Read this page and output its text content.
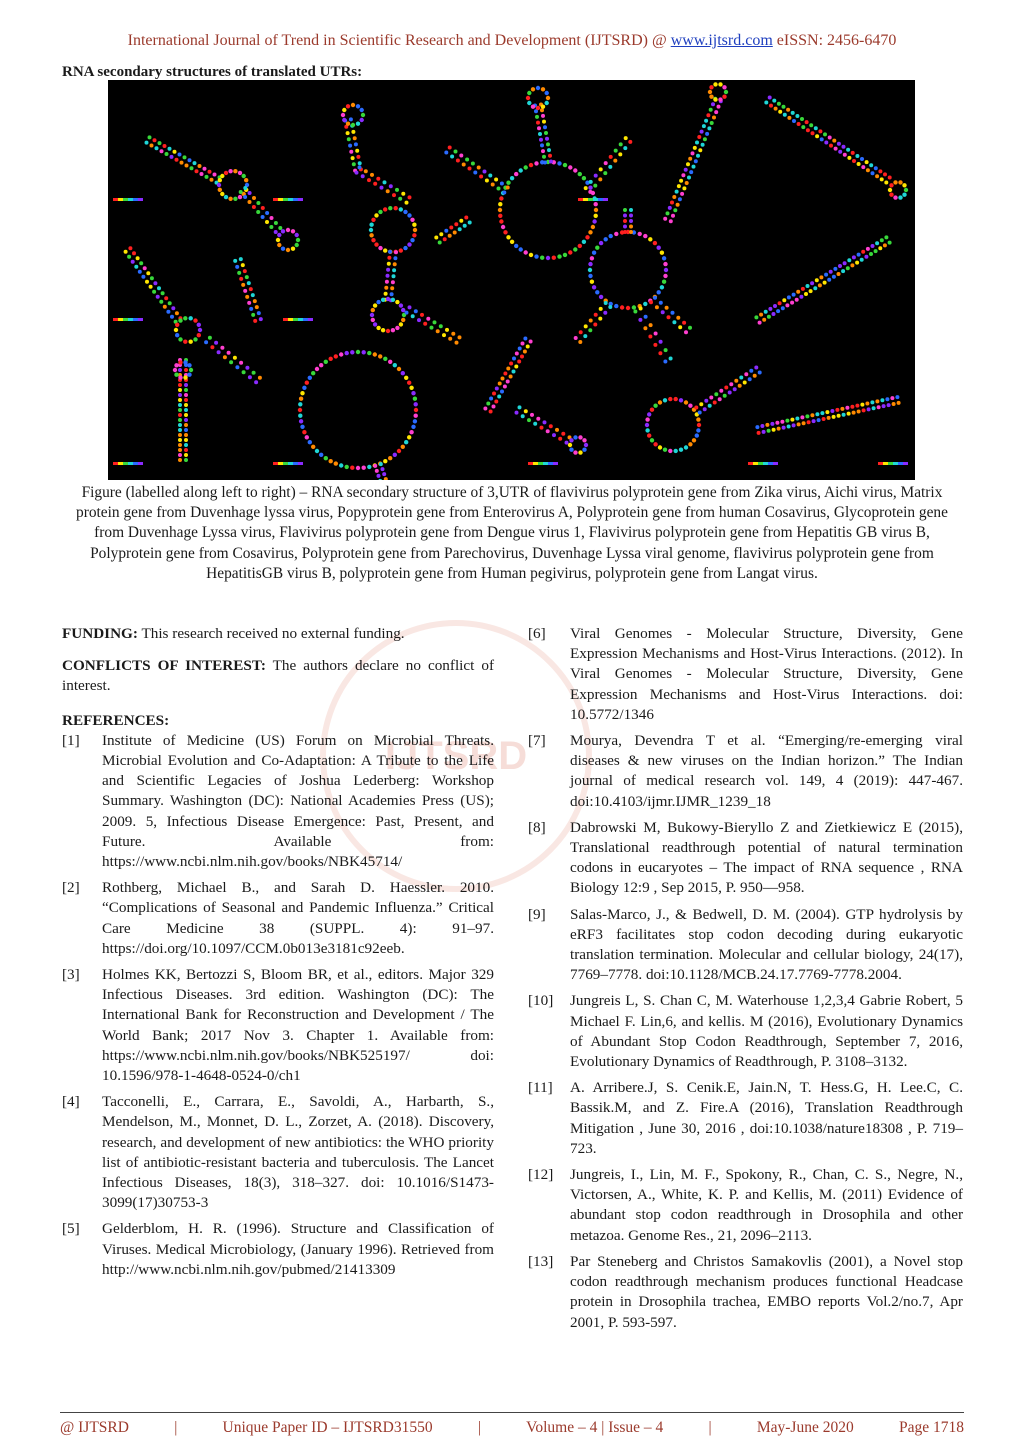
International Journal of Trend in Scientific Research and Development (IJTSRD) @ www.ijtsrd.com eISSN: 2456-6470
RNA secondary structures of translated UTRs:
Figure (labelled along left to right) – RNA secondary structure of 3,UTR of flavivirus polyprotein gene from Zika virus, Aichi virus, Matrix protein gene from Duvenhage lyssa virus, Popyprotein gene from Enterovirus A, Polyprotein gene from human Cosavirus, Glycoprotein gene from Duvenhage Lyssa virus, Flavivirus polyprotein gene from Dengue virus 1, Flavivirus polyprotein gene from Hepatitis GB virus B, Polyprotein gene from Cosavirus, Polyprotein gene from Parechovirus, Duvenhage Lyssa viral genome, flavivirus polyprotein gene from HepatitisGB virus B, polyprotein gene from Human pegivirus, polyprotein gene from Langat virus.
IJTSRD

FUNDING: This research received no external funding.

CONFLICTS OF INTEREST: The authors declare no conflict of interest.

REFERENCES:
[1]	Institute of Medicine (US) Forum on Microbial Threats. Microbial Evolution and Co-Adaptation: A Tribute to the Life and Scientific Legacies of Joshua Lederberg: Workshop Summary. Washington (DC): National Academies Press (US); 2009. 5, Infectious Disease Emergence: Past, Present, and Future. Available from: https://www.ncbi.nlm.nih.gov/books/NBK45714/
[2]	Rothberg, Michael B., and Sarah D. Haessler. 2010. “Complications of Seasonal and Pandemic Influenza.” Critical Care Medicine 38 (SUPPL. 4): 91–97. https://doi.org/10.1097/CCM.0b013e3181c92eeb.
[3]	Holmes KK, Bertozzi S, Bloom BR, et al., editors. Major 329 Infectious Diseases. 3rd edition. Washington (DC): The International Bank for Reconstruction and Development / The World Bank; 2017 Nov 3. Chapter 1. Available from: https://www.ncbi.nlm.nih.gov/books/NBK525197/ doi: 10.1596/978-1-4648-0524-0/ch1
[4]	Tacconelli, E., Carrara, E., Savoldi, A., Harbarth, S., Mendelson, M., Monnet, D. L., Zorzet, A. (2018). Discovery, research, and development of new antibiotics: the WHO priority list of antibiotic-resistant bacteria and tuberculosis. The Lancet Infectious Diseases, 18(3), 318–327. doi: 10.1016/S1473-3099(17)30753-3
[5]	Gelderblom, H. R. (1996). Structure and Classification of Viruses. Medical Microbiology, (January 1996). Retrieved from http://www.ncbi.nlm.nih.gov/pubmed/21413309
[6]	Viral Genomes - Molecular Structure, Diversity, Gene Expression Mechanisms and Host-Virus Interactions. (2012). In Viral Genomes - Molecular Structure, Diversity, Gene Expression Mechanisms and Host-Virus Interactions. doi: 10.5772/1346
[7]	Mourya, Devendra T et al. “Emerging/re-emerging viral diseases & new viruses on the Indian horizon.” The Indian journal of medical research vol. 149, 4 (2019): 447-467. doi:10.4103/ijmr.IJMR_1239_18
[8]	Dabrowski M, Bukowy-Bieryllo Z and Zietkiewicz E (2015), Translational readthrough potential of natural termination codons in eucaryotes – The impact of RNA sequence , RNA Biology 12:9 , Sep 2015, P. 950—958.
[9]	Salas-Marco, J., & Bedwell, D. M. (2004). GTP hydrolysis by eRF3 facilitates stop codon decoding during eukaryotic translation termination. Molecular and cellular biology, 24(17), 7769–7778. doi:10.1128/MCB.24.17.7769-7778.2004.
[10]	Jungreis L, S. Chan C, M. Waterhouse 1,2,3,4 Gabrie Robert, 5 Michael F. Lin,6, and kellis. M (2016), Evolutionary Dynamics of Abundant Stop Codon Readthrough, September 7, 2016, Evolutionary Dynamics of Readthrough, P. 3108–3132.
[11]	A. Arribere.J, S. Cenik.E, Jain.N, T. Hess.G, H. Lee.C, C. Bassik.M, and Z. Fire.A (2016), Translation Readthrough Mitigation , June 30, 2016 , doi:10.1038/nature18308 , P. 719–723.
[12]	Jungreis, I., Lin, M. F., Spokony, R., Chan, C. S., Negre, N., Victorsen, A., White, K. P. and Kellis, M. (2011) Evidence of abundant stop codon readthrough in Drosophila and other metazoa. Genome Res., 21, 2096–2113.
[13]	Par Steneberg and Christos Samakovlis (2001), a Novel stop codon readthrough mechanism produces functional Headcase protein in Drosophila trachea, EMBO reports Vol.2/no.7, Apr 2001, P. 593-597.
@ IJTSRD	|	Unique Paper ID – IJTSRD31550	|	Volume – 4 | Issue – 4	|	May-June 2020	Page 1718
